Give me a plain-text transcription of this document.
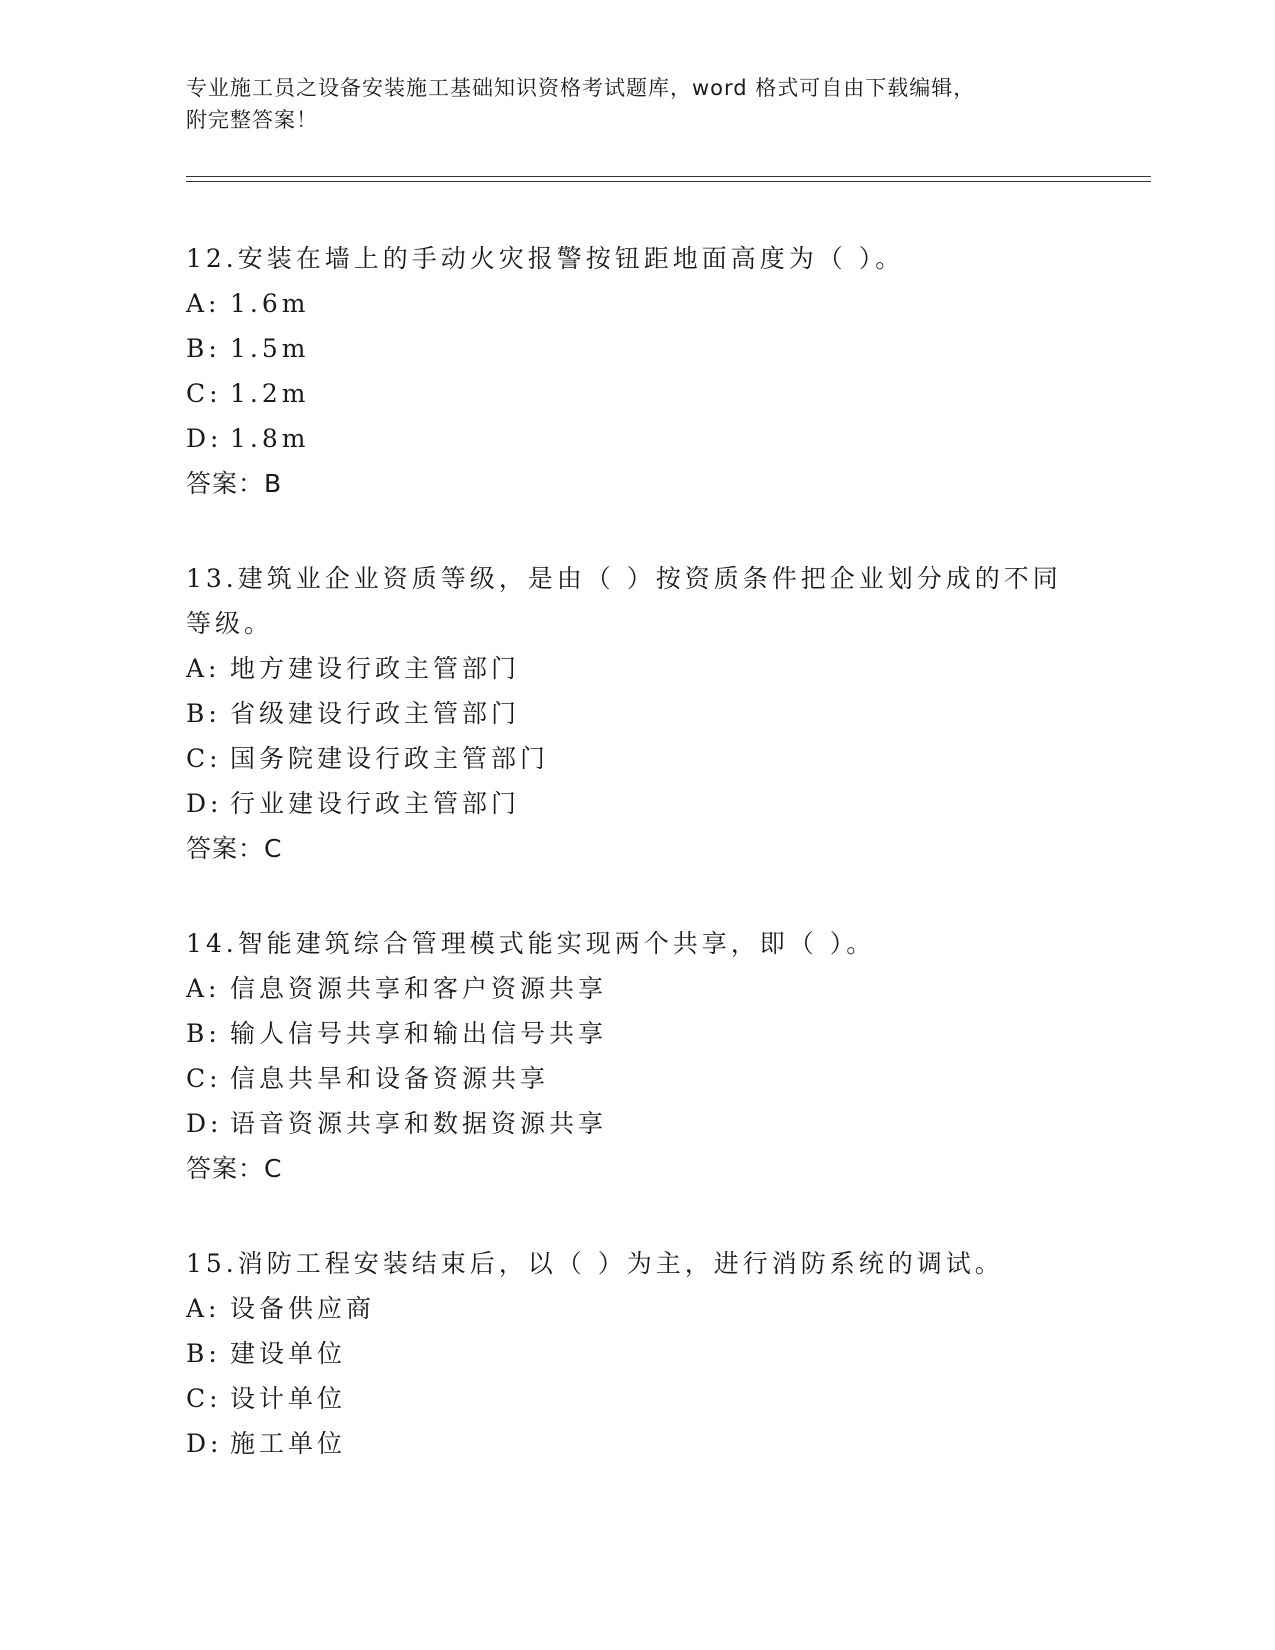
专业施工员之设备安装施工基础知识资格考试题库，word 格式可自由下载编辑，

附完整答案！

12.安装在墙上的手动火灾报警按钮距地面高度为（ ）。

A: 1.6m

B: 1.5m

C: 1.2m

D: 1.8m

答案：B

13.建筑业企业资质等级，是由（ ）按资质条件把企业划分成的不同等级。

A: 地方建设行政主管部门

B: 省级建设行政主管部门

C: 国务院建设行政主管部门

D: 行业建设行政主管部门

答案：C

14.智能建筑综合管理模式能实现两个共享，即（ ）。

A: 信息资源共享和客户资源共享

B: 输人信号共享和输出信号共享

C: 信息共旱和设备资源共享

D: 语音资源共享和数据资源共享

答案：C

15.消防工程安装结束后，以（ ）为主，进行消防系统的调试。

A: 设备供应商

B: 建设单位

C: 设计单位

D: 施工单位
